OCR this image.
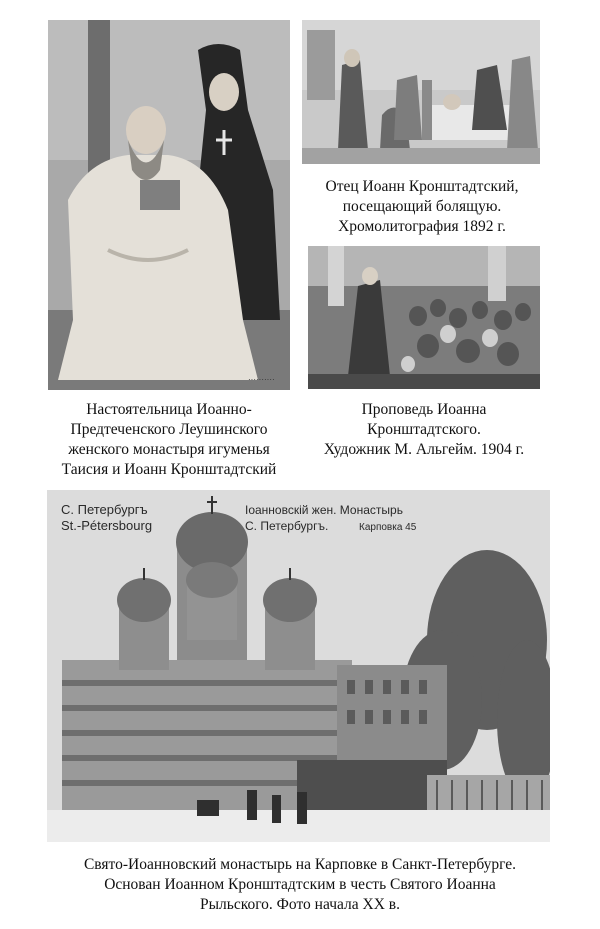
··········
Отец Иоанн Кронштадтский,
посещающий болящую.
Хромолитография 1892 г.
Настоятельница Иоанно-
Предтеченского Леушинского
женского монастыря игуменья
Таисия и Иоанн Кронштадтский
Проповедь Иоанна
Кронштадтского.
Художник М. Альгейм. 1904 г.
С. Петербургъ
St.-Pétersbourg
Іоанновскій жен. Монастырь
С. Петербургъ.	Карповка 45
Свято-Иоанновский монастырь на Карповке в Санкт-Петербурге.
Основан Иоанном Кронштадтским в честь Святого Иоанна
Рыльского. Фото начала XX в.
